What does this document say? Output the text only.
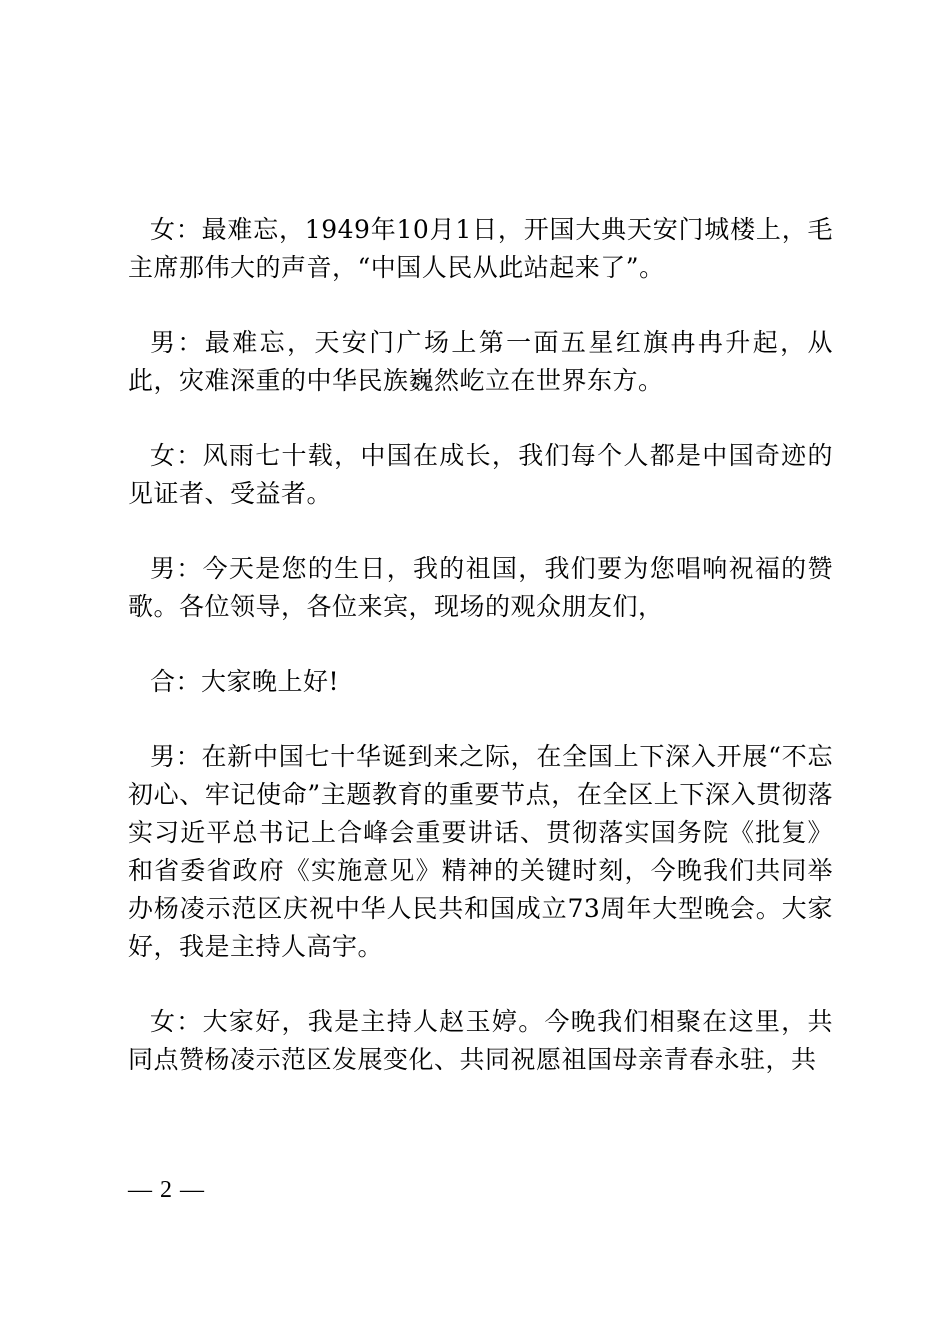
女：最难忘，1949年10月1日，开国大典天安门城楼上，毛主席那伟大的声音，“中国人民从此站起来了”。

男：最难忘，天安门广场上第一面五星红旗冉冉升起，从此，灾难深重的中华民族巍然屹立在世界东方。

女：风雨七十载，中国在成长，我们每个人都是中国奇迹的见证者、受益者。

男：今天是您的生日，我的祖国，我们要为您唱响祝福的赞歌。各位领导，各位来宾，现场的观众朋友们，

合：大家晚上好!

男：在新中国七十华诞到来之际，在全国上下深入开展“不忘初心、牢记使命”主题教育的重要节点，在全区上下深入贯彻落实习近平总书记上合峰会重要讲话、贯彻落实国务院《批复》和省委省政府《实施意见》精神的关键时刻，今晚我们共同举办杨凌示范区庆祝中华人民共和国成立73周年大型晚会。大家好，我是主持人高宇。

女：大家好，我是主持人赵玉婷。今晚我们相聚在这里，共同点赞杨凌示范区发展变化、共同祝愿祖国母亲青春永驻，共

— 2 —
